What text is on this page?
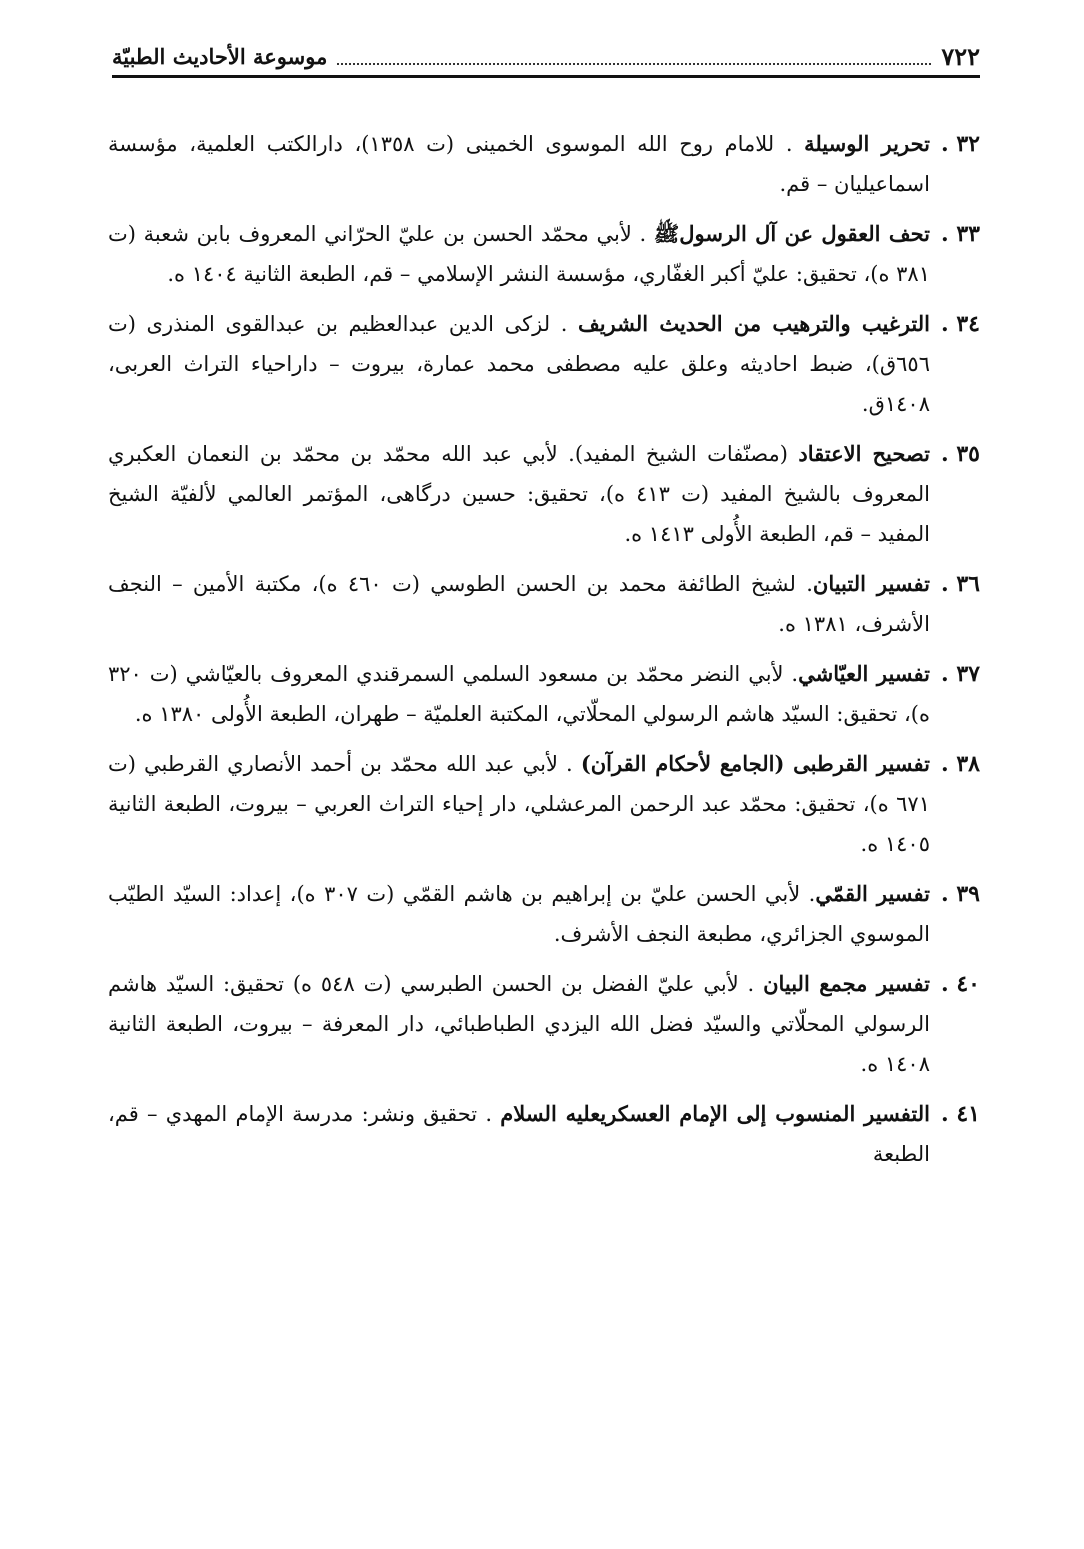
٧٢٢
موسوعة الأحاديث الطبيّة
٣٢ .
تحرير الوسيلة . للامام روح الله الموسوى الخمينى (ت ١٣٥٨)، دارالكتب العلمية، مؤسسة اسماعيليان – قم.
٣٣ .
تحف العقول عن آل الرسولﷺ . لأبي محمّد الحسن بن عليّ الحرّاني المعروف بابن شعبة (ت ٣٨١ ه)، تحقيق: عليّ أكبر الغفّاري، مؤسسة النشر الإسلامي – قم، الطبعة الثانية ١٤٠٤ ه.
٣٤ .
الترغيب والترهيب من الحديث الشريف . لزكى الدين عبدالعظيم بن عبدالقوى المنذرى (ت ٦٥٦ق)، ضبط احاديثه وعلق عليه مصطفى محمد عمارة، بيروت – داراحياء التراث العربى، ١٤٠٨ق.
٣٥ .
تصحيح الاعتقاد (مصنّفات الشيخ المفيد). لأبي عبد الله محمّد بن محمّد بن النعمان العكبري المعروف بالشيخ المفيد (ت ٤١٣ ه)، تحقيق: حسين درگاهى، المؤتمر العالمي لألفيّة الشيخ المفيد – قم، الطبعة الأُولى ١٤١٣ ه.
٣٦ .
تفسير التبيان. لشيخ الطائفة محمد بن الحسن الطوسي (ت ٤٦٠ ه)، مكتبة الأمين – النجف الأشرف، ١٣٨١ ه.
٣٧ .
تفسير العيّاشي. لأبي النضر محمّد بن مسعود السلمي السمرقندي المعروف بالعيّاشي (ت ٣٢٠ ه)، تحقيق: السيّد هاشم الرسولي المحلّاتي، المكتبة العلميّة – طهران، الطبعة الأُولى ١٣٨٠ ه.
٣٨ .
تفسير القرطبى (الجامع لأحكام القرآن) . لأبي عبد الله محمّد بن أحمد الأنصاري القرطبي (ت ٦٧١ ه)، تحقيق: محمّد عبد الرحمن المرعشلي، دار إحياء التراث العربي – بيروت، الطبعة الثانية ١٤٠٥ ه.
٣٩ .
تفسير القمّي. لأبي الحسن عليّ بن إبراهيم بن هاشم القمّي (ت ٣٠٧ ه)، إعداد: السيّد الطيّب الموسوي الجزائري، مطبعة النجف الأشرف.
٤٠ .
تفسير مجمع البيان . لأبي عليّ الفضل بن الحسن الطبرسي (ت ٥٤٨ ه) تحقيق: السيّد هاشم الرسولي المحلّاتي والسيّد فضل الله اليزدي الطباطبائي، دار المعرفة – بيروت، الطبعة الثانية ١٤٠٨ ه.
٤١ .
التفسير المنسوب إلى الإمام العسكريعليه السلام . تحقيق ونشر: مدرسة الإمام المهدي – قم، الطبعة
